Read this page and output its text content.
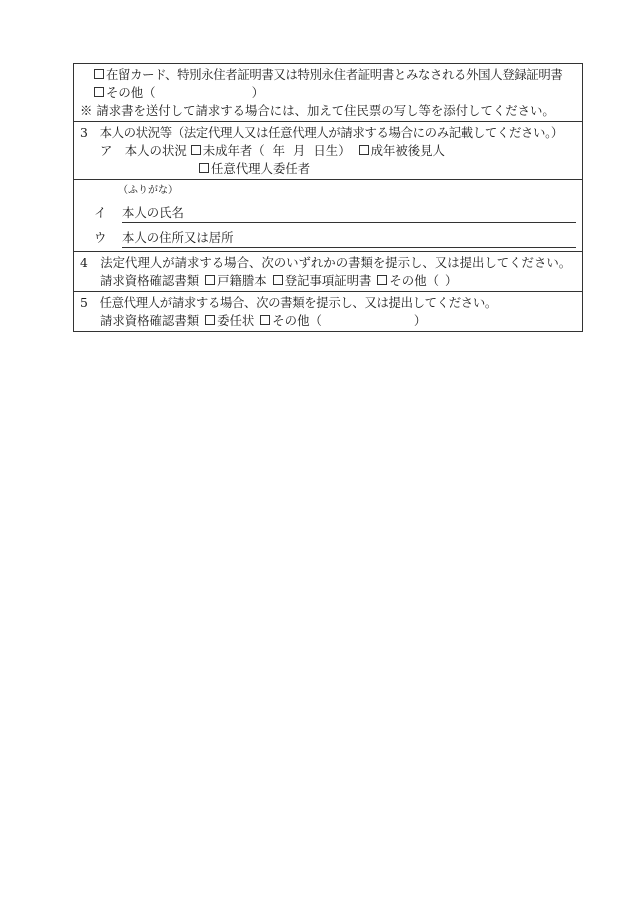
在留カード、特別永住者証明書又は特別永住者証明書とみなされる外国人登録証明書
その他（	）
※ 請求書を送付して請求する場合には、加えて住民票の写し等を添付してください。
3　本人の状況等（法定代理人又は任意代理人が請求する場合にのみ記載してください。）
ア　本人の状況 未成年者（ 年 月 日生） 成年被後見人
任意代理人委任者
（ふりがな）
イ	本人の氏名
ウ	本人の住所又は居所
4　法定代理人が請求する場合、次のいずれかの書類を提示し、又は提出してください。
請求資格確認書類 戸籍謄本 登記事項証明書 その他（ ）
5　任意代理人が請求する場合、次の書類を提示し、又は提出してください。
請求資格確認書類 委任状 その他（	）
